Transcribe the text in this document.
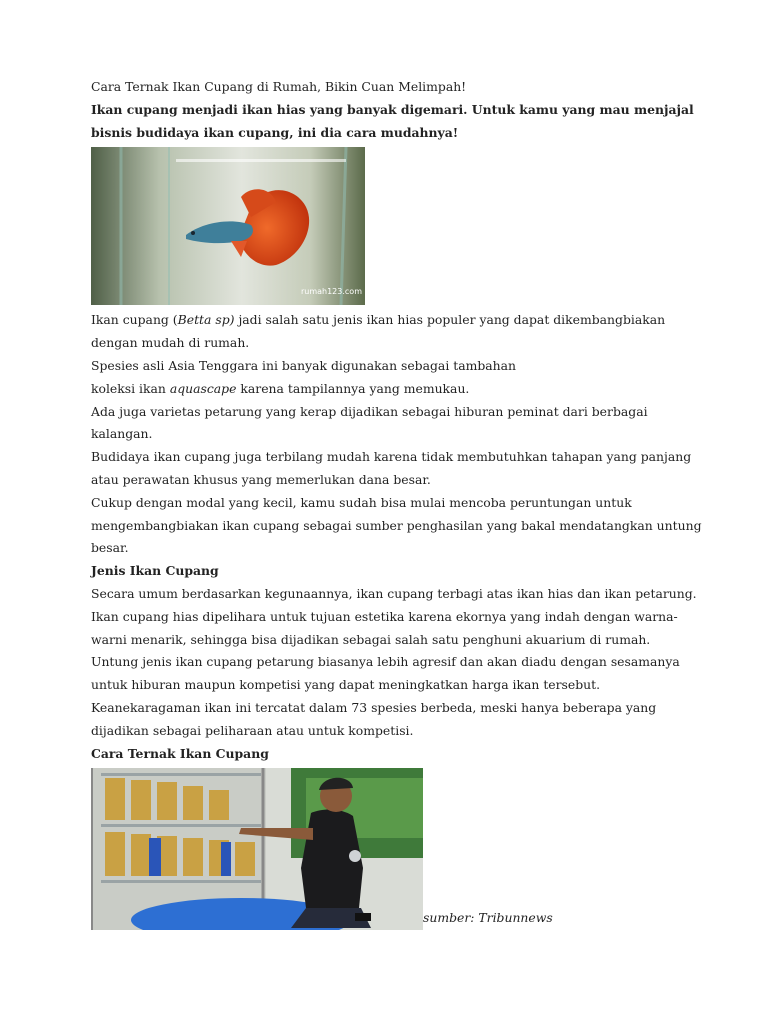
Cara Ternak Ikan Cupang di Rumah, Bikin Cuan Melimpah!
Ikan cupang menjadi ikan hias yang banyak digemari. Untuk kamu yang mau menjajal
bisnis budidaya ikan cupang, ini dia cara mudahnya!
rumah123.com
Ikan cupang (Betta sp) jadi salah satu jenis ikan hias populer yang dapat dikembangbiakan
dengan mudah di rumah.
Spesies asli Asia Tenggara ini banyak digunakan sebagai tambahan
koleksi ikan aquascape karena tampilannya yang memukau.
Ada juga varietas petarung yang kerap dijadikan sebagai hiburan peminat dari berbagai
kalangan.
Budidaya ikan cupang juga terbilang mudah karena tidak membutuhkan tahapan yang panjang
atau perawatan khusus yang memerlukan dana besar.
Cukup dengan modal yang kecil, kamu sudah bisa mulai mencoba peruntungan untuk
mengembangbiakan ikan cupang sebagai sumber penghasilan yang bakal mendatangkan untung
besar.
Jenis Ikan Cupang
Secara umum berdasarkan kegunaannya, ikan cupang terbagi atas ikan hias dan ikan petarung.
Ikan cupang hias dipelihara untuk tujuan estetika karena ekornya yang indah dengan warna-
warni menarik, sehingga bisa dijadikan sebagai salah satu penghuni akuarium di rumah.
Untung jenis ikan cupang petarung biasanya lebih agresif dan akan diadu dengan sesamanya
untuk hiburan maupun kompetisi yang dapat meningkatkan harga ikan tersebut.
Keanekaragaman ikan ini tercatat dalam 73 spesies berbeda, meski hanya beberapa yang
dijadikan sebagai peliharaan atau untuk kompetisi.
Cara Ternak Ikan Cupang
sumber: Tribunnews
